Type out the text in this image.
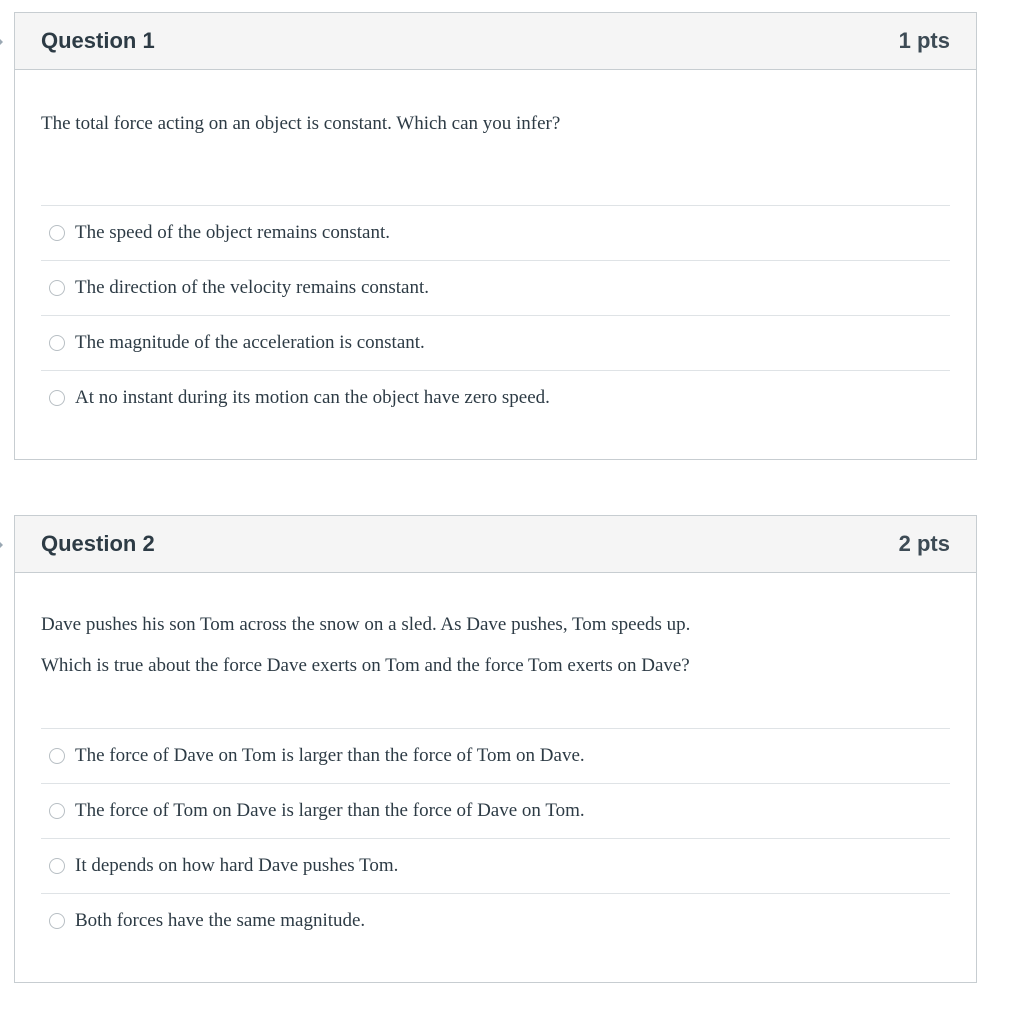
Question 1	1 pts

The total force acting on an object is constant. Which can you infer?

The speed of the object remains constant.
The direction of the velocity remains constant.
The magnitude of the acceleration is constant.
At no instant during its motion can the object have zero speed.
Question 2	2 pts

Dave pushes his son Tom across the snow on a sled. As Dave pushes, Tom speeds up.

Which is true about the force Dave exerts on Tom and the force Tom exerts on Dave?

The force of Dave on Tom is larger than the force of Tom on Dave.
The force of Tom on Dave is larger than the force of Dave on Tom.
It depends on how hard Dave pushes Tom.
Both forces have the same magnitude.
